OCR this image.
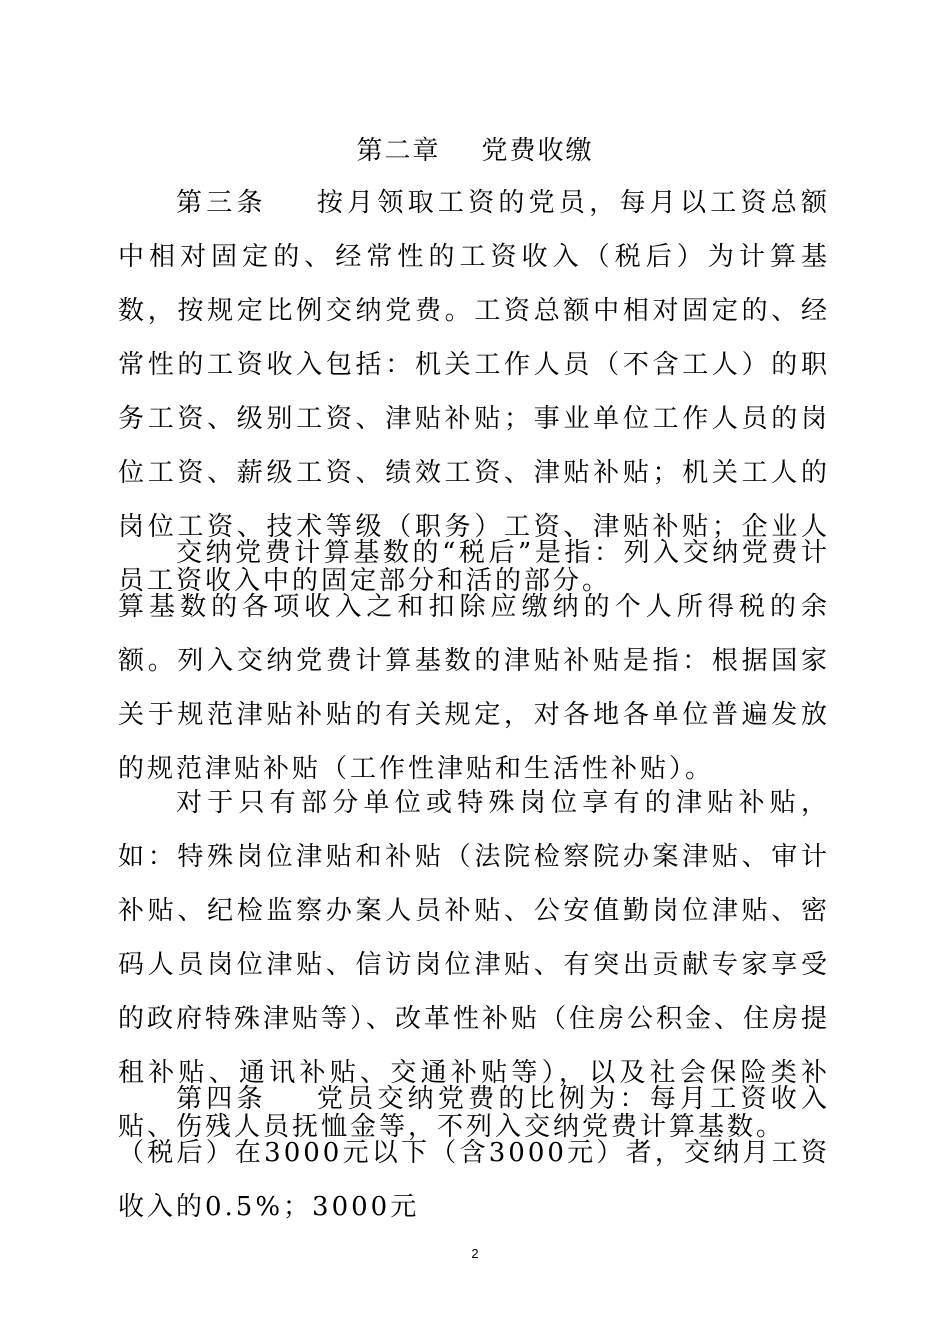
第二章    党费收缴

第三条    按月领取工资的党员，每月以工资总额中相对固定的、经常性的工资收入（税后）为计算基数，按规定比例交纳党费。工资总额中相对固定的、经常性的工资收入包括：机关工作人员（不含工人）的职务工资、级别工资、津贴补贴；事业单位工作人员的岗位工资、薪级工资、绩效工资、津贴补贴；机关工人的岗位工资、技术等级（职务）工资、津贴补贴；企业人员工资收入中的固定部分和活的部分。

交纳党费计算基数的“税后”是指：列入交纳党费计算基数的各项收入之和扣除应缴纳的个人所得税的余额。列入交纳党费计算基数的津贴补贴是指：根据国家关于规范津贴补贴的有关规定，对各地各单位普遍发放的规范津贴补贴（工作性津贴和生活性补贴）。

对于只有部分单位或特殊岗位享有的津贴补贴，如：特殊岗位津贴和补贴（法院检察院办案津贴、审计补贴、纪检监察办案人员补贴、公安值勤岗位津贴、密码人员岗位津贴、信访岗位津贴、有突出贡献专家享受的政府特殊津贴等）、改革性补贴（住房公积金、住房提租补贴、通讯补贴、交通补贴等），以及社会保险类补贴、伤残人员抚恤金等，不列入交纳党费计算基数。

第四条    党员交纳党费的比例为：每月工资收入（税后）在3000元以下（含3000元）者，交纳月工资收入的0.5%；3000元

2
